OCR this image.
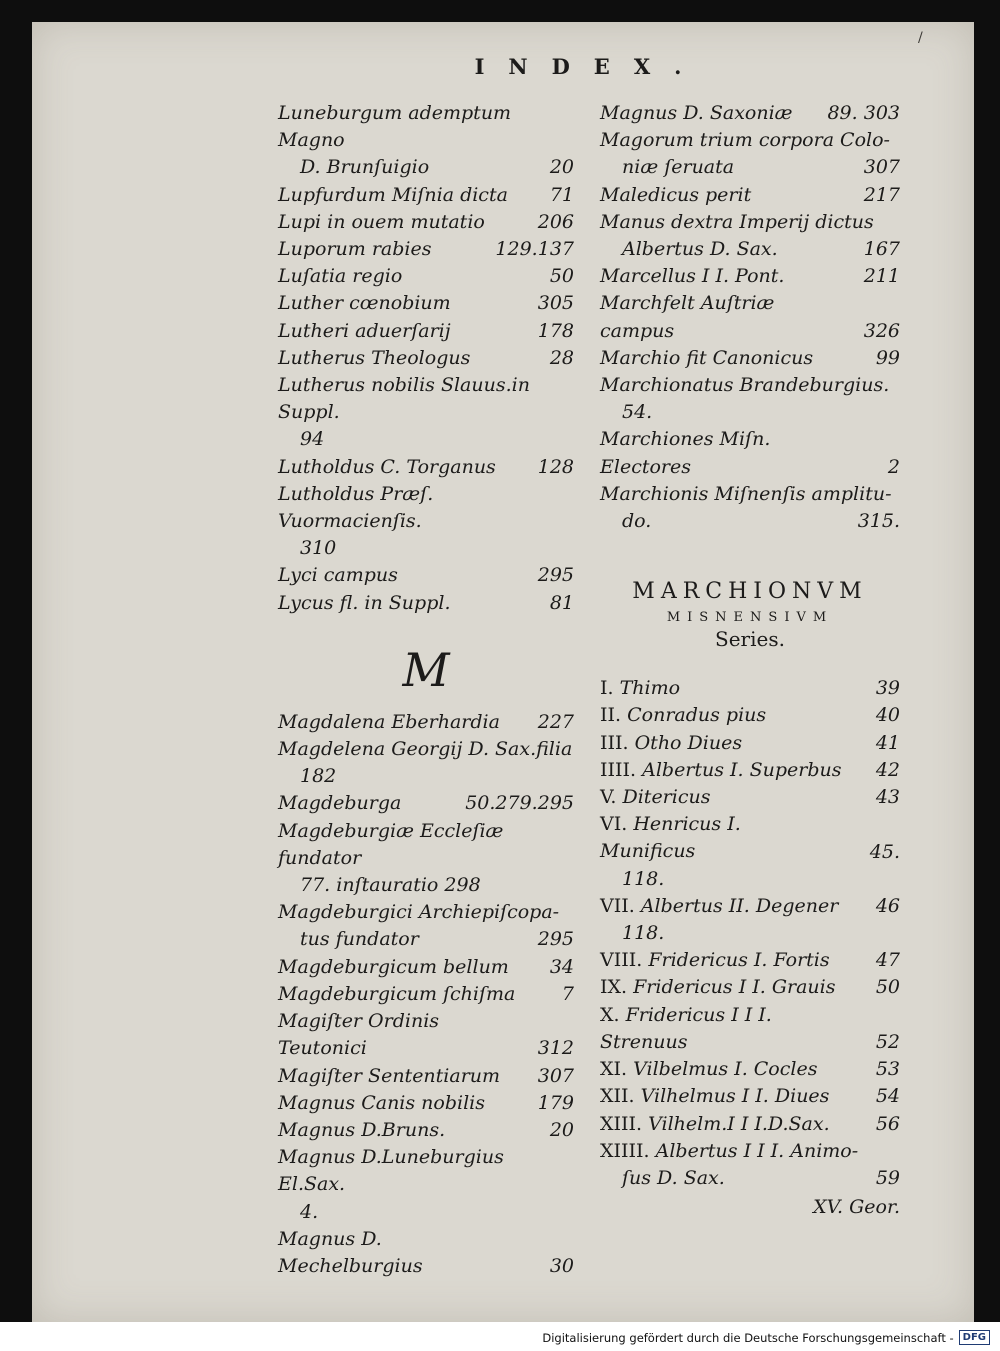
/
INDEX.
Luneburgum ademptum Magno
D. Brunſuigio	20
Lupfurdum Miſnia dicta	71
Lupi in ouem mutatio	206
Luporum rabies	129.137
Luſatia regio	50
Luther cœnobium	305
Lutheri aduerſarij	178
Lutherus Theologus	28
Lutherus nobilis Slauus.in Suppl.
94
Lutholdus C. Torganus	128
Lutholdus Præſ. Vuormacienſis.
310
Lyci campus	295
Lycus fl. in Suppl.	81
M
Magdalena Eberhardia	227
Magdelena Georgij D. Sax.filia
182
Magdeburga	50.279.295
Magdeburgiæ Eccleſiæ fundator
77. inſtauratio 298
Magdeburgici Archiepiſcopa-
tus fundator	295
Magdeburgicum bellum	34
Magdeburgicum ſchiſma	7
Magiſter Ordinis Teutonici	312
Magiſter Sententiarum	307
Magnus Canis nobilis	179
Magnus D.Bruns.	20
Magnus D.Luneburgius El.Sax.
4.
Magnus D. Mechelburgius	30
Magnus D. Saxoniæ	89. 303
Magorum trium corpora Colo-
niæ ſeruata	307
Maledicus perit	217
Manus dextra Imperij dictus
Albertus D. Sax.	167
Marcellus I I. Pont.	211
Marchfelt Auſtriæ campus	326
Marchio fit Canonicus	99
Marchionatus Brandeburgius.
54.
Marchiones Miſn. Electores	2
Marchionis Miſnenſis amplitu-
do.	315.
MARCHIONVM
MISNENSIVM
Series.
I. Thimo	39
II. Conradus pius	40
III. Otho Diues	41
IIII. Albertus I. Superbus	42
V. Ditericus	43
VI. Henricus I. Munificus	45.
118.
VII. Albertus II. Degener	46
118.
VIII. Fridericus I. Fortis	47
IX. Fridericus I I. Grauis	50
X. Fridericus I I I. Strenuus	52
XI. Vilbelmus I. Cocles	53
XII. Vilhelmus I I. Diues	54
XIII. Vilhelm.I I I.D.Sax.	56
XIIII. Albertus I I I. Animo-
ſus D. Sax.	59
XV. Geor.
Digitalisierung gefördert durch die Deutsche Forschungsgemeinschaft - DFG
